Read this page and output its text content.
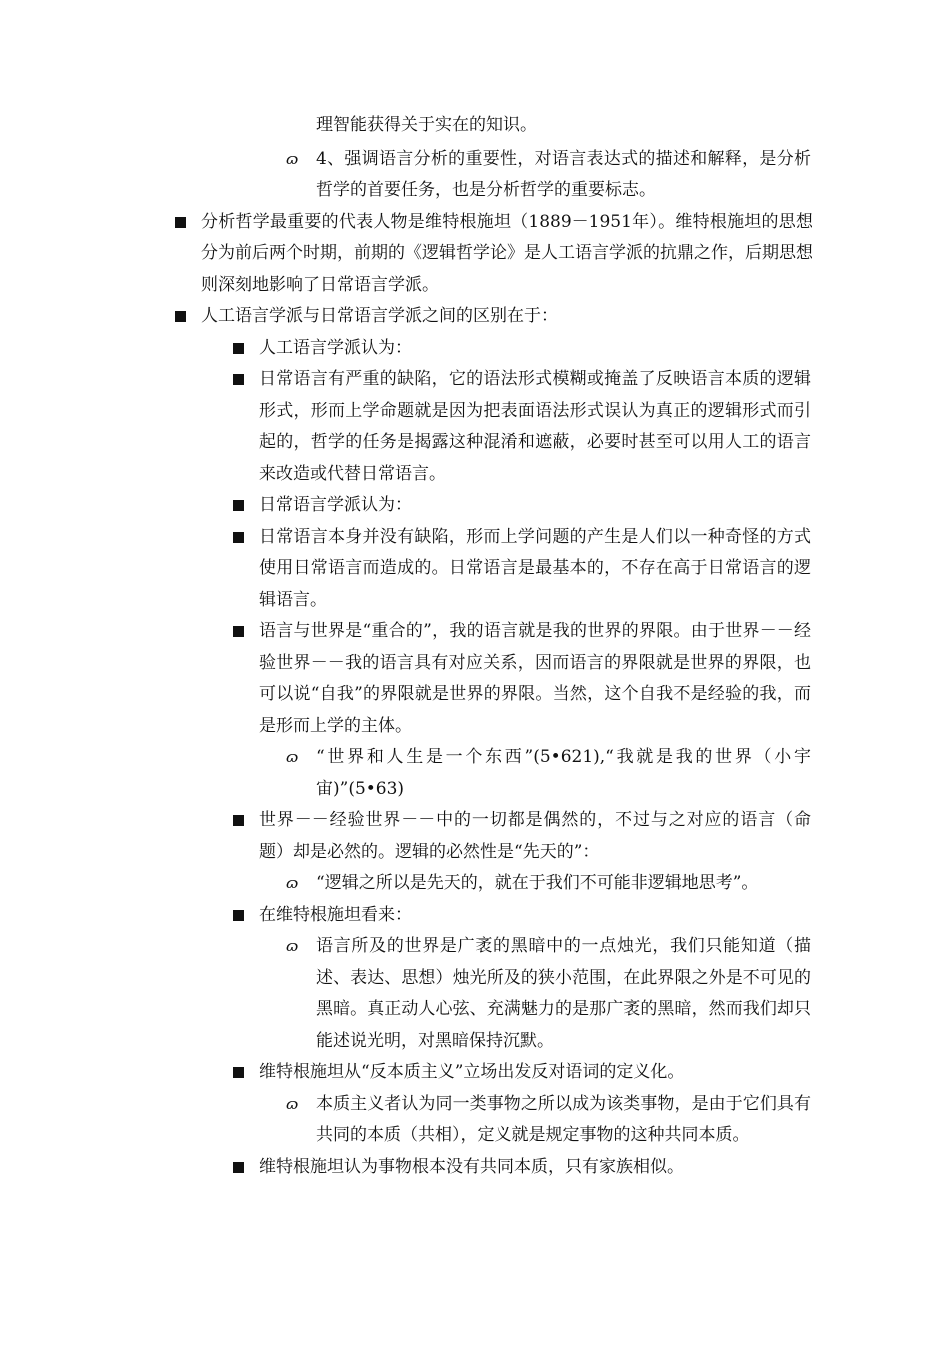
理智能获得关于实在的知识。
ɷ 4、强调语言分析的重要性，对语言表达式的描述和解释，是分析哲学的首要任务，也是分析哲学的重要标志。
分析哲学最重要的代表人物是维特根施坦（1889－1951年）。维特根施坦的思想分为前后两个时期，前期的《逻辑哲学论》是人工语言学派的抗鼎之作，后期思想则深刻地影响了日常语言学派。
人工语言学派与日常语言学派之间的区别在于：
人工语言学派认为：
日常语言有严重的缺陷，它的语法形式模糊或掩盖了反映语言本质的逻辑形式，形而上学命题就是因为把表面语法形式误认为真正的逻辑形式而引起的，哲学的任务是揭露这种混淆和遮蔽，必要时甚至可以用人工的语言来改造或代替日常语言。
日常语言学派认为：
日常语言本身并没有缺陷，形而上学问题的产生是人们以一种奇怪的方式使用日常语言而造成的。日常语言是最基本的，不存在高于日常语言的逻辑语言。
语言与世界是“重合的”，我的语言就是我的世界的界限。由于世界－－经验世界－－我的语言具有对应关系，因而语言的界限就是世界的界限，也可以说“自我”的界限就是世界的界限。当然，这个自我不是经验的我，而是形而上学的主体。
ɷ “世界和人生是一个东西”(5•621),“我就是我的世界（小宇宙)”(5•63)
世界－－经验世界－－中的一切都是偶然的，不过与之对应的语言（命题）却是必然的。逻辑的必然性是“先天的”：
ɷ “逻辑之所以是先天的，就在于我们不可能非逻辑地思考”。
在维特根施坦看来：
ɷ 语言所及的世界是广袤的黑暗中的一点烛光，我们只能知道（描述、表达、思想）烛光所及的狭小范围，在此界限之外是不可见的黑暗。真正动人心弦、充满魅力的是那广袤的黑暗，然而我们却只能述说光明，对黑暗保持沉默。
维特根施坦从“反本质主义”立场出发反对语词的定义化。
ɷ 本质主义者认为同一类事物之所以成为该类事物，是由于它们具有共同的本质（共相），定义就是规定事物的这种共同本质。
维特根施坦认为事物根本没有共同本质，只有家族相似。
